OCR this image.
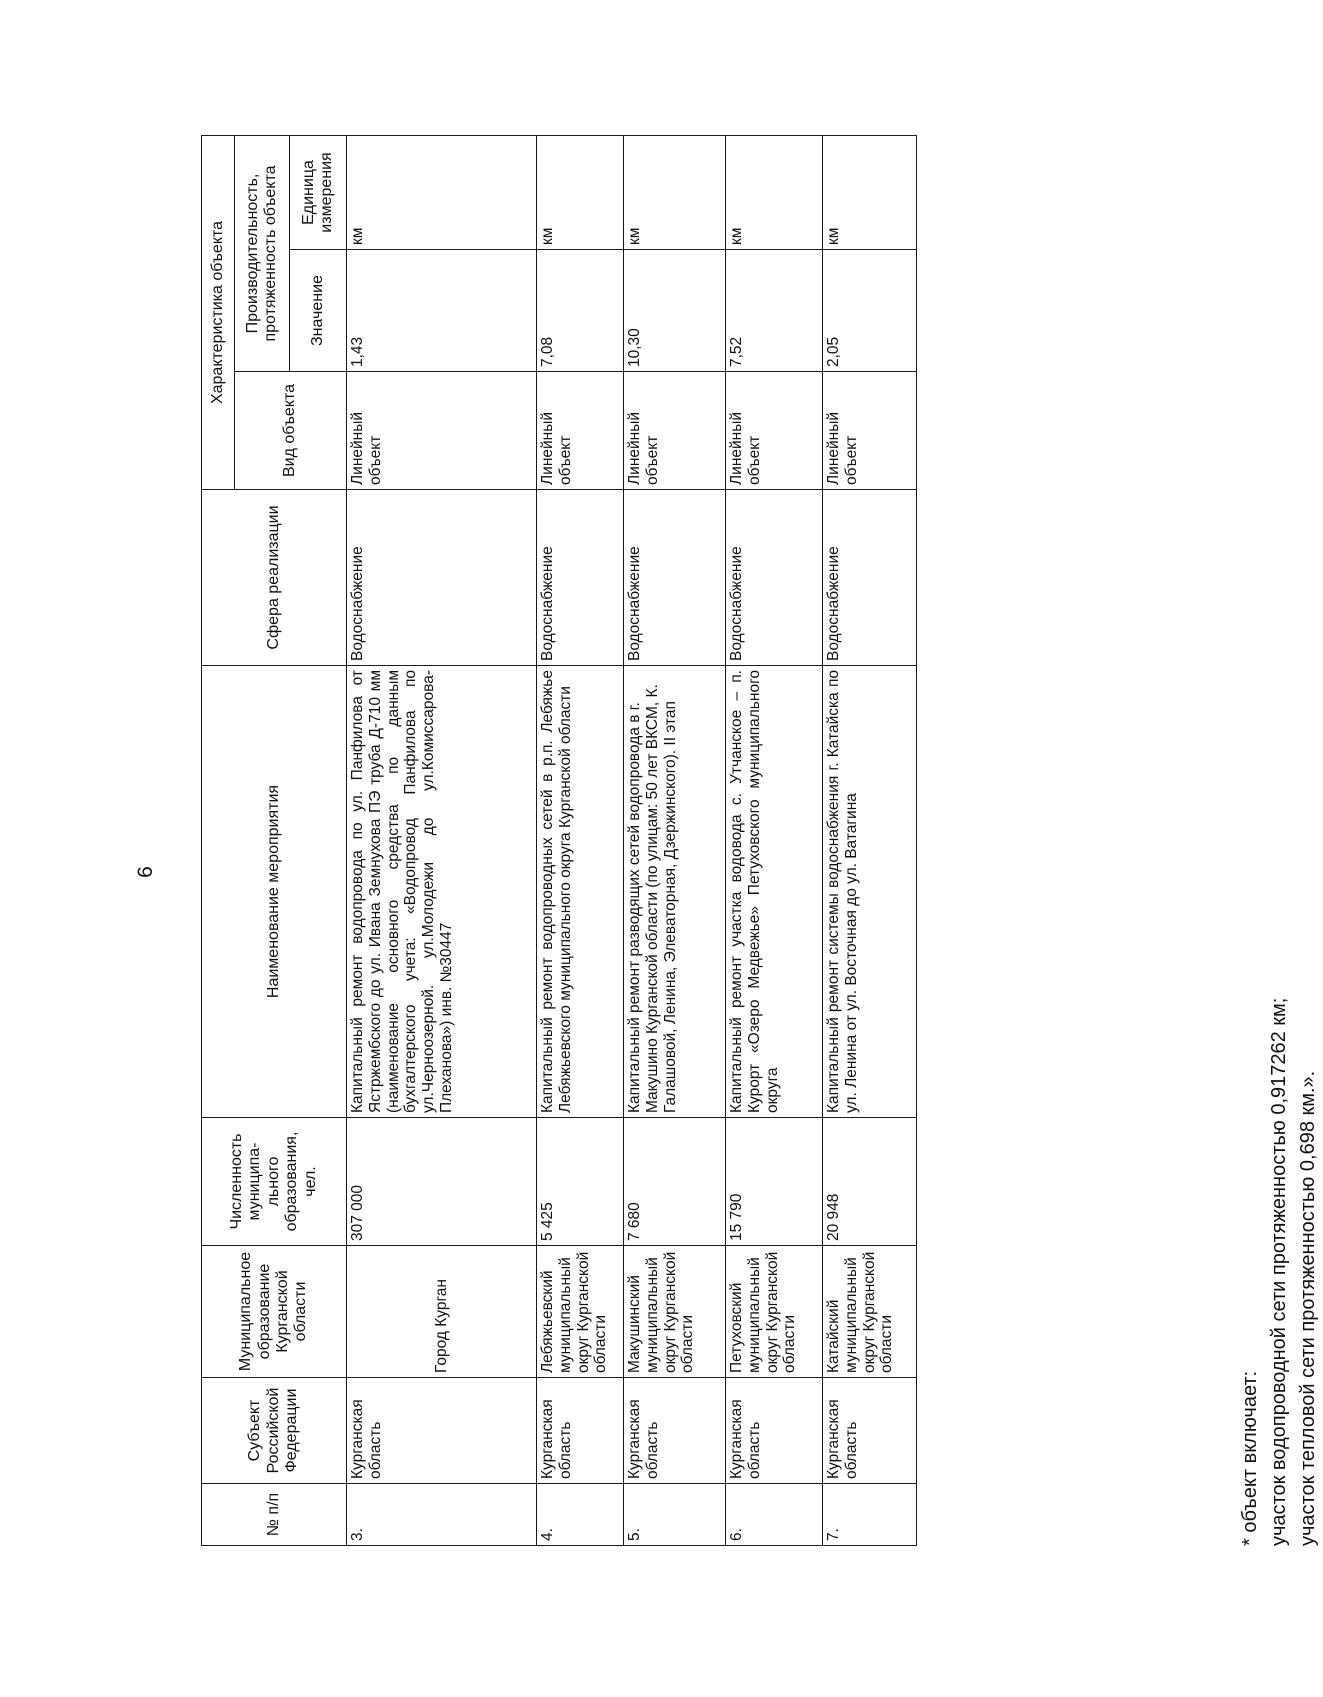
6
№ п/п	Субъект Российской Федерации	Муниципальное образование Курганской области	Численность муниципа-льного образования, чел.	Наименование мероприятия	Сфера реализации	Характеристика объекта		
						Вид объекта	Производительность, протяженность объекта	
							Значение	Единица измерения
3.	Курганская область	Город Курган	307 000	Капитальный ремонт водопровода по ул. Панфилова от Ястржембского до ул. Ивана Земнухова ПЭ труба Д-710 мм (наименование основного средства по данным бухгалтерского учета: «Водопровод Панфилова по ул.Черноозерной. ул.Молодежи до ул.Комиссарова-Плеханова») инв. №30447	Водоснабжение	Линейный объект	1,43	км
4.	Курганская область	Лебяжьевский муниципальный округ Курганской области	5 425	Капитальный ремонт водопроводных сетей в р.п. Лебяжье Лебяжьевского муниципального округа Курганской области	Водоснабжение	Линейный объект	7,08	км
5.	Курганская область	Макушинский муниципальный округ Курганской области	7 680	Капитальный ремонт разводящих сетей водопровода в г. Макушино Курганской области (по улицам: 50 лет ВКСМ, К. Галашовой, Ленина, Элеваторная, Дзержинского). II этап	Водоснабжение	Линейный объект	10,30	км
6.	Курганская область	Петуховский муниципальный округ Курганской области	15 790	Капитальный ремонт участка водовода с. Утчанское – п. Курорт «Озеро Медвежье» Петуховского муниципального округа	Водоснабжение	Линейный объект	7,52	км
7.	Курганская область	Катайский муниципальный округ Курганской области	20 948	Капитальный ремонт системы водоснабжения г. Катайска по ул. Ленина от ул. Восточная до ул. Ватагина	Водоснабжение	Линейный объект	2,05	км
* объект включает: участок водопроводной сети протяженностью 0,917262 км; участок тепловой сети протяженностью 0,698 км.».
